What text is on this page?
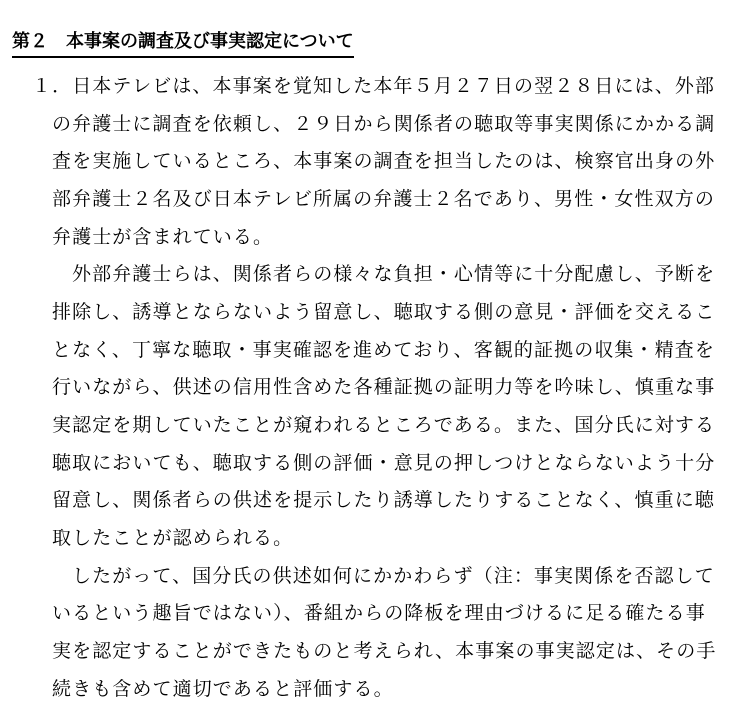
第２ 本事案の調査及び事実認定について
１．日本テレビは、本事案を覚知した本年５月２７日の翌２８日には、外部
の弁護士に調査を依頼し、２９日から関係者の聴取等事実関係にかかる調
査を実施しているところ、本事案の調査を担当したのは、検察官出身の外
部弁護士２名及び日本テレビ所属の弁護士２名であり、男性・女性双方の
弁護士が含まれている。
外部弁護士らは、関係者らの様々な負担・心情等に十分配慮し、予断を
排除し、誘導とならないよう留意し、聴取する側の意見・評価を交えるこ
となく、丁寧な聴取・事実確認を進めており、客観的証拠の収集・精査を
行いながら、供述の信用性含めた各種証拠の証明力等を吟味し、慎重な事
実認定を期していたことが窺われるところである。また、国分氏に対する
聴取においても、聴取する側の評価・意見の押しつけとならないよう十分
留意し、関係者らの供述を提示したり誘導したりすることなく、慎重に聴
取したことが認められる。
したがって、国分氏の供述如何にかかわらず（注：事実関係を否認して
いるという趣旨ではない）、番組からの降板を理由づけるに足る確たる事
実を認定することができたものと考えられ、本事案の事実認定は、その手
続きも含めて適切であると評価する。
